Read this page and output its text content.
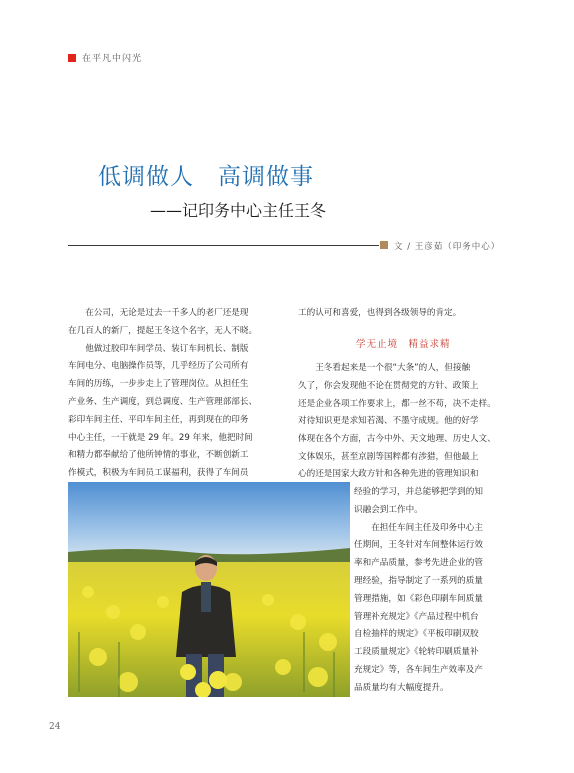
在平凡中闪光
低调做人　高调做事
——记印务中心主任王冬
文 / 王彦茹（印务中心）
　　在公司，无论是过去一千多人的老厂还是现
在几百人的新厂，提起王冬这个名字，无人不晓。
　　他做过胶印车间学员、装订车间机长、制版
车间电分、电脑操作员等，几乎经历了公司所有
车间的历练，一步步走上了管理岗位。从担任生
产业务、生产调度，到总调度、生产管理部部长、
彩印车间主任、平印车间主任，再到现在的印务
中心主任，一干就是 29 年。29 年来，他把时间
和精力都奉献给了他所钟情的事业，不断创新工
作模式，积极为车间员工谋福利，获得了车间员
工的认可和喜爱，也得到各级领导的肯定。
学无止境　精益求精
　　王冬看起来是一个很“大条”的人，但接触
久了，你会发现他不论在贯彻党的方针、政策上
还是企业各项工作要求上，都一丝不苟，决不走样。
对待知识更是求知若渴、不墨守成规。他的好学
体现在各个方面，古今中外、天文地理、历史人文、
文体娱乐，甚至京剧等国粹都有涉猎，但他最上
心的还是国家大政方针和各种先进的管理知识和
经验的学习，并总能够把学到的知
识融会到工作中。
　　在担任车间主任及印务中心主
任期间，王冬针对车间整体运行效
率和产品质量，参考先进企业的管
理经验，指导制定了一系列的质量
管理措施，如《彩色印刷车间质量
管理补充规定》《产品过程中机台
自检抽样的规定》《平板印刷双胶
工段质量规定》《轮转印刷质量补
充规定》等，各车间生产效率及产
品质量均有大幅度提升。
24
